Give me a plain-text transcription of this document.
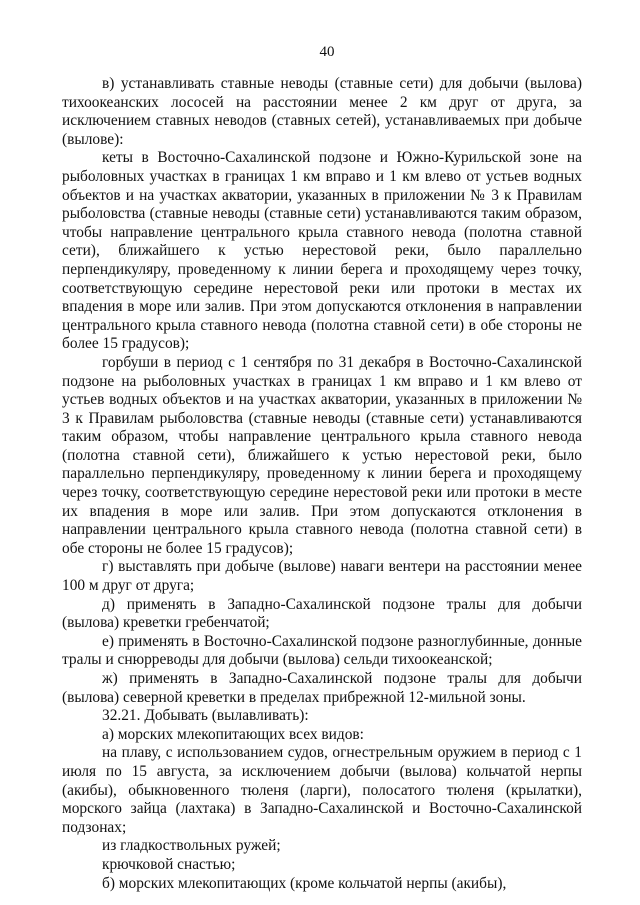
40

в) устанавливать ставные неводы (ставные сети) для добычи (вылова) тихоокеанских лососей на расстоянии менее 2 км друг от друга, за исключением ставных неводов (ставных сетей), устанавливаемых при добыче (вылове):

кеты в Восточно-Сахалинской подзоне и Южно-Курильской зоне на рыболовных участках в границах 1 км вправо и 1 км влево от устьев водных объектов и на участках акватории, указанных в приложении № 3 к Правилам рыболовства (ставные неводы (ставные сети) устанавливаются таким образом, чтобы направление центрального крыла ставного невода (полотна ставной сети), ближайшего к устью нерестовой реки, было параллельно перпендикуляру, проведенному к линии берега и проходящему через точку, соответствующую середине нерестовой реки или протоки в местах их впадения в море или залив. При этом допускаются отклонения в направлении центрального крыла ставного невода (полотна ставной сети) в обе стороны не более 15 градусов);

горбуши в период с 1 сентября по 31 декабря в Восточно-Сахалинской подзоне на рыболовных участках в границах 1 км вправо и 1 км влево от устьев водных объектов и на участках акватории, указанных в приложении № 3 к Правилам рыболовства (ставные неводы (ставные сети) устанавливаются таким образом, чтобы направление центрального крыла ставного невода (полотна ставной сети), ближайшего к устью нерестовой реки, было параллельно перпендикуляру, проведенному к линии берега и проходящему через точку, соответствующую середине нерестовой реки или протоки в месте их впадения в море или залив. При этом допускаются отклонения в направлении центрального крыла ставного невода (полотна ставной сети) в обе стороны не более 15 градусов);

г) выставлять при добыче (вылове) наваги вентери на расстоянии менее 100 м друг от друга;

д) применять в Западно-Сахалинской подзоне тралы для добычи (вылова) креветки гребенчатой;

е) применять в Восточно-Сахалинской подзоне разноглубинные, донные тралы и снюрреводы для добычи (вылова) сельди тихоокеанской;

ж) применять в Западно-Сахалинской подзоне тралы для добычи (вылова) северной креветки в пределах прибрежной 12-мильной зоны.

32.21. Добывать (вылавливать):

а) морских млекопитающих всех видов:

на плаву, с использованием судов, огнестрельным оружием в период с 1 июля по 15 августа, за исключением добычи (вылова) кольчатой нерпы (акибы), обыкновенного тюленя (ларги), полосатого тюленя (крылатки), морского зайца (лахтака) в Западно-Сахалинской и Восточно-Сахалинской подзонах;

из гладкоствольных ружей;

крючковой снастью;

б) морских млекопитающих (кроме кольчатой нерпы (акибы),
